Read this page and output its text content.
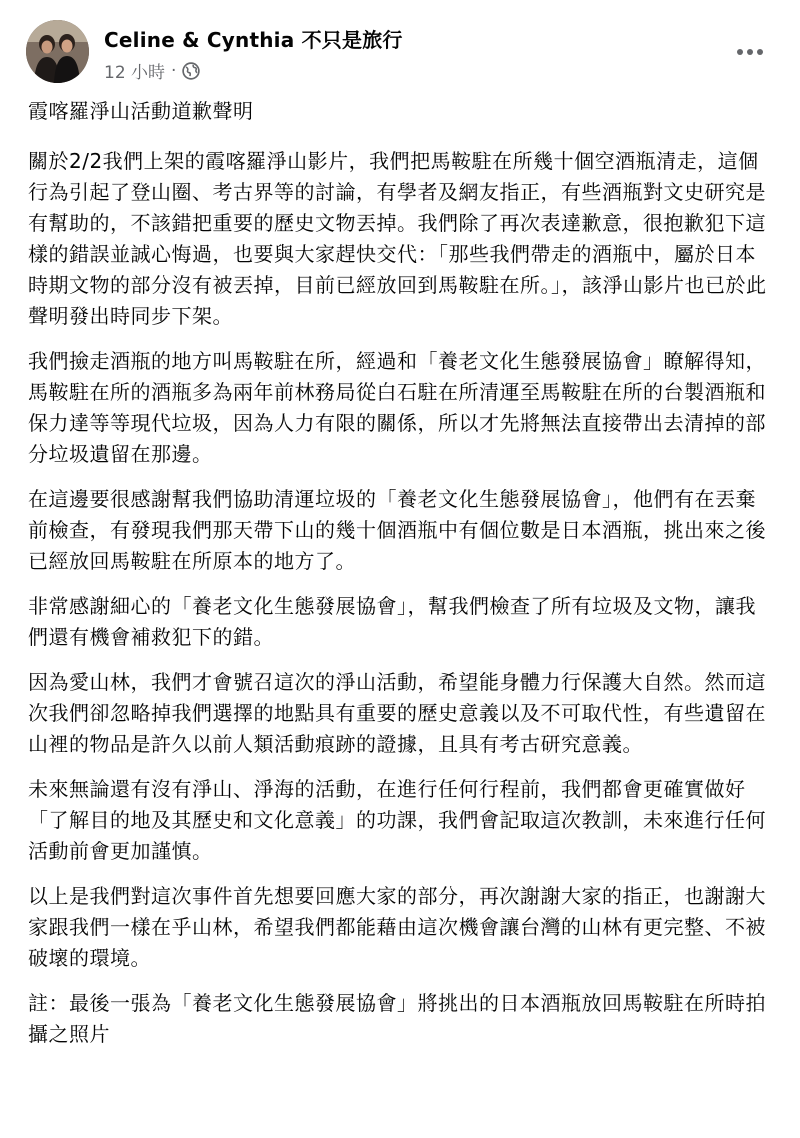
Celine & Cynthia 不只是旅行
12 小時 ·

霞喀羅淨山活動道歉聲明

關於2/2我們上架的霞喀羅淨山影片，我們把馬鞍駐在所幾十個空酒瓶清走，這個行為引起了登山圈、考古界等的討論，有學者及網友指正，有些酒瓶對文史研究是有幫助的，不該錯把重要的歷史文物丟掉。我們除了再次表達歉意，很抱歉犯下這樣的錯誤並誠心悔過，也要與大家趕快交代：「那些我們帶走的酒瓶中，屬於日本時期文物的部分沒有被丟掉，目前已經放回到馬鞍駐在所。」，該淨山影片也已於此聲明發出時同步下架。

我們撿走酒瓶的地方叫馬鞍駐在所，經過和「養老文化生態發展協會」瞭解得知，馬鞍駐在所的酒瓶多為兩年前林務局從白石駐在所清運至馬鞍駐在所的台製酒瓶和保力達等等現代垃圾，因為人力有限的關係，所以才先將無法直接帶出去清掉的部分垃圾遺留在那邊。

在這邊要很感謝幫我們協助清運垃圾的「養老文化生態發展協會」，他們有在丟棄前檢查，有發現我們那天帶下山的幾十個酒瓶中有個位數是日本酒瓶，挑出來之後已經放回馬鞍駐在所原本的地方了。

非常感謝細心的「養老文化生態發展協會」，幫我們檢查了所有垃圾及文物，讓我們還有機會補救犯下的錯。

因為愛山林，我們才會號召這次的淨山活動，希望能身體力行保護大自然。然而這次我們卻忽略掉我們選擇的地點具有重要的歷史意義以及不可取代性，有些遺留在山裡的物品是許久以前人類活動痕跡的證據，且具有考古研究意義。

未來無論還有沒有淨山、淨海的活動，在進行任何行程前，我們都會更確實做好「了解目的地及其歷史和文化意義」的功課，我們會記取這次教訓，未來進行任何活動前會更加謹慎。

以上是我們對這次事件首先想要回應大家的部分，再次謝謝大家的指正，也謝謝大家跟我們一樣在乎山林，希望我們都能藉由這次機會讓台灣的山林有更完整、不被破壞的環境。

註：最後一張為「養老文化生態發展協會」將挑出的日本酒瓶放回馬鞍駐在所時拍攝之照片
